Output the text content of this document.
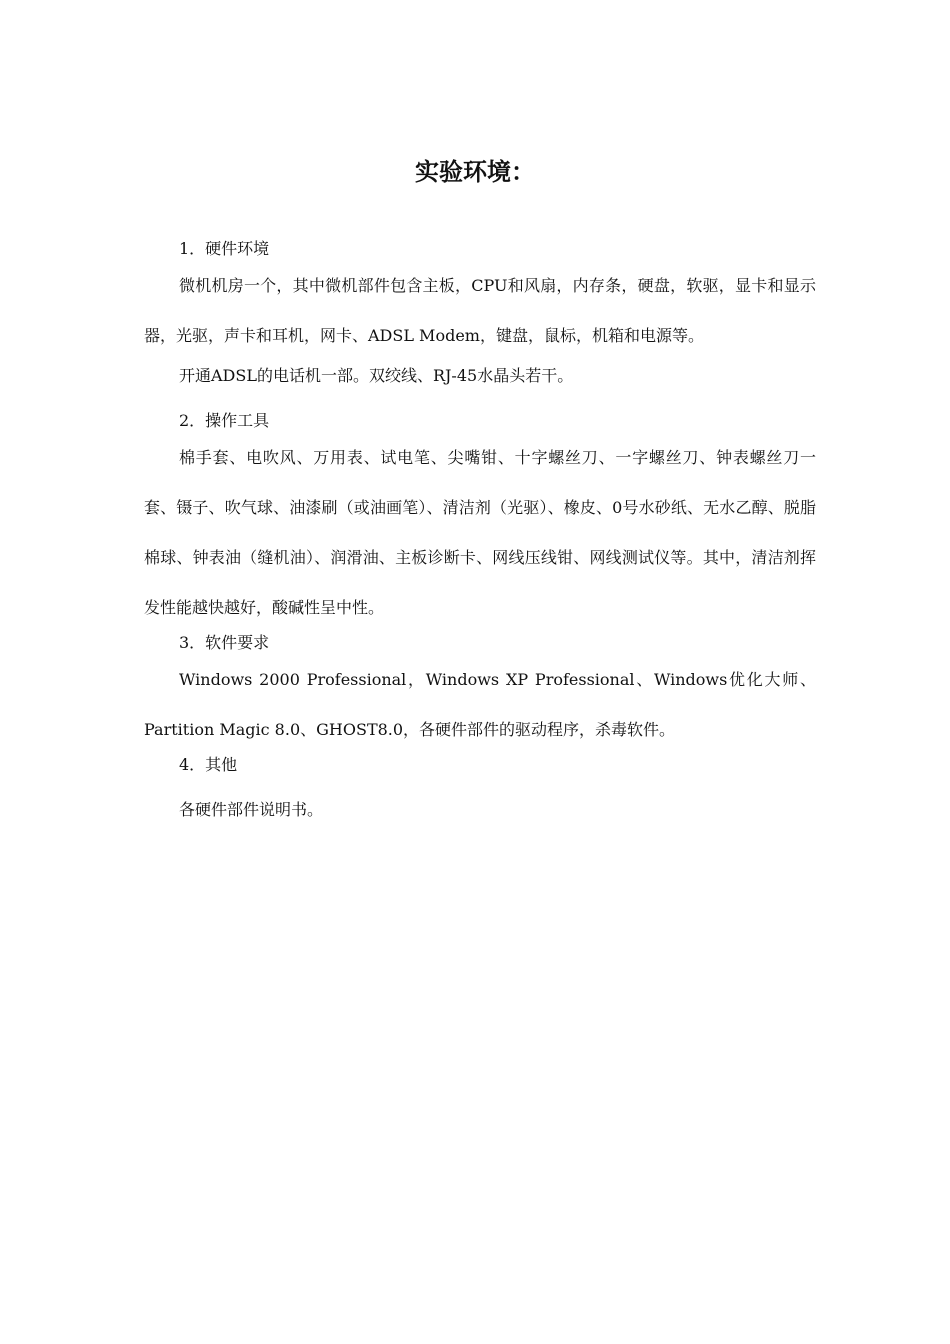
实验环境：

1．硬件环境

微机机房一个，其中微机部件包含主板，CPU和风扇，内存条，硬盘，软驱，显卡和显示器，光驱，声卡和耳机，网卡、ADSL Modem，键盘，鼠标，机箱和电源等。

开通ADSL的电话机一部。双绞线、RJ-45水晶头若干。

2．操作工具

棉手套、电吹风、万用表、试电笔、尖嘴钳、十字螺丝刀、一字螺丝刀、钟表螺丝刀一套、镊子、吹气球、油漆刷（或油画笔）、清洁剂（光驱）、橡皮、0号水砂纸、无水乙醇、脱脂棉球、钟表油（缝机油）、润滑油、主板诊断卡、网线压线钳、网线测试仪等。其中，清洁剂挥发性能越快越好，酸碱性呈中性。

3．软件要求

Windows 2000 Professional，Windows XP Professional、Windows优化大师、Partition Magic 8.0、GHOST8.0，各硬件部件的驱动程序，杀毒软件。

4．其他

各硬件部件说明书。
